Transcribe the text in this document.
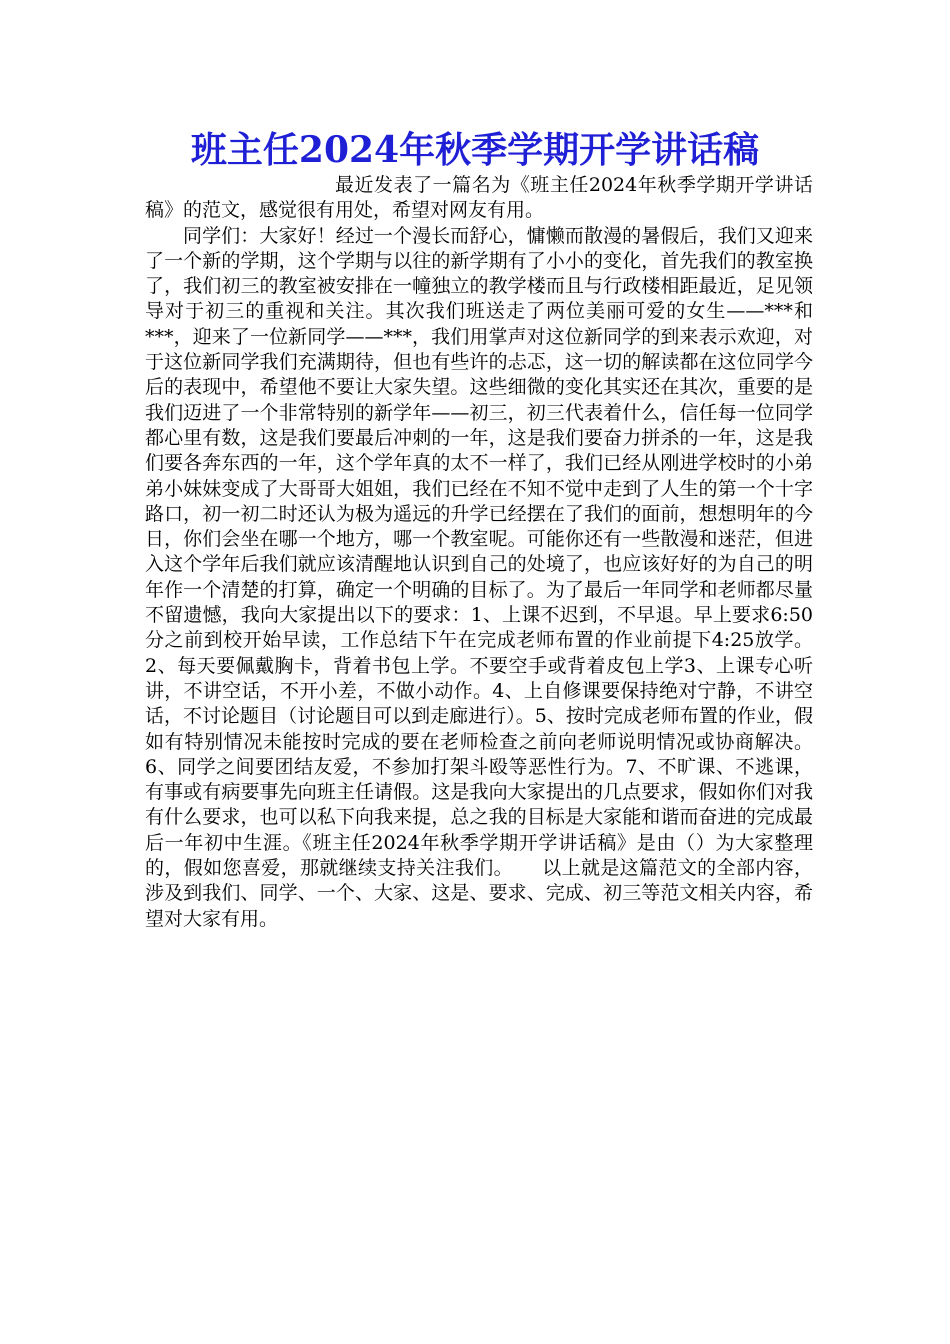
班主任2024年秋季学期开学讲话稿

最近发表了一篇名为《班主任2024年秋季学期开学讲话稿》的范文，感觉很有用处，希望对网友有用。

同学们：大家好！经过一个漫长而舒心，慵懒而散漫的暑假后，我们又迎来了一个新的学期，这个学期与以往的新学期有了小小的变化，首先我们的教室换了，我们初三的教室被安排在一幢独立的教学楼而且与行政楼相距最近，足见领导对于初三的重视和关注。其次我们班送走了两位美丽可爱的女生——***和***，迎来了一位新同学——***，我们用掌声对这位新同学的到来表示欢迎，对于这位新同学我们充满期待，但也有些许的忐忑，这一切的解读都在这位同学今后的表现中，希望他不要让大家失望。这些细微的变化其实还在其次，重要的是我们迈进了一个非常特别的新学年——初三，初三代表着什么，信任每一位同学都心里有数，这是我们要最后冲刺的一年，这是我们要奋力拼杀的一年，这是我们要各奔东西的一年，这个学年真的太不一样了，我们已经从刚进学校时的小弟弟小妹妹变成了大哥哥大姐姐，我们已经在不知不觉中走到了人生的第一个十字路口，初一初二时还认为极为遥远的升学已经摆在了我们的面前，想想明年的今日，你们会坐在哪一个地方，哪一个教室呢。可能你还有一些散漫和迷茫，但进入这个学年后我们就应该清醒地认识到自己的处境了，也应该好好的为自己的明年作一个清楚的打算，确定一个明确的目标了。为了最后一年同学和老师都尽量不留遗憾，我向大家提出以下的要求：1、上课不迟到，不早退。早上要求6:50分之前到校开始早读，工作总结下午在完成老师布置的作业前提下4:25放学。2、每天要佩戴胸卡，背着书包上学。不要空手或背着皮包上学3、上课专心听讲，不讲空话，不开小差，不做小动作。4、上自修课要保持绝对宁静，不讲空话，不讨论题目（讨论题目可以到走廊进行）。5、按时完成老师布置的作业，假如有特别情况未能按时完成的要在老师检查之前向老师说明情况或协商解决。6、同学之间要团结友爱，不参加打架斗殴等恶性行为。7、不旷课、不逃课，有事或有病要事先向班主任请假。这是我向大家提出的几点要求，假如你们对我有什么要求，也可以私下向我来提，总之我的目标是大家能和谐而奋进的完成最后一年初中生涯。《班主任2024年秋季学期开学讲话稿》是由（）为大家整理的，假如您喜爱，那就继续支持关注我们。　　以上就是这篇范文的全部内容，涉及到我们、同学、一个、大家、这是、要求、完成、初三等范文相关内容，希望对大家有用。
